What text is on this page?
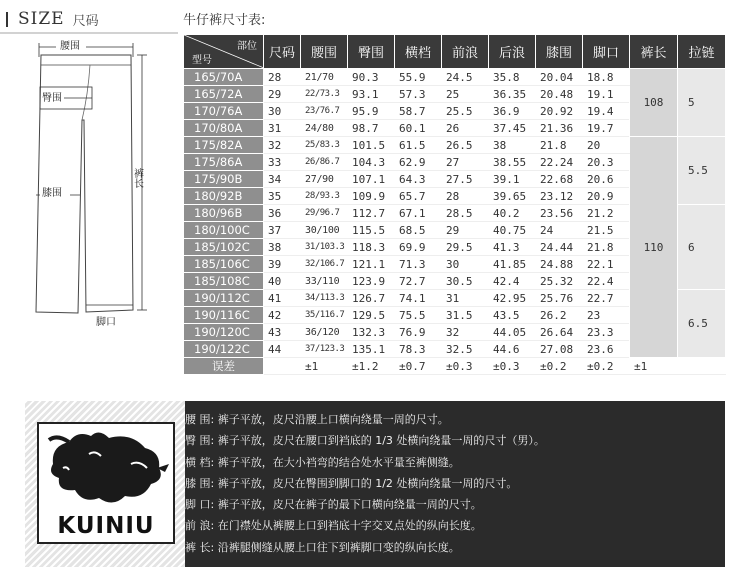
SIZE 尺码	牛仔裤尺寸表:
腰围
臀围
膝围
裤长
脚口
部位
型号	尺码	腰围	臀围	横档	前浪	后浪	膝围	脚口	裤长	拉链
165/70A	28	21/70	90.3	55.9	24.5	35.8	20.04	18.8	108	5
165/72A	29	22/73.3	93.1	57.3	25	36.35	20.48	19.1		
170/76A	30	23/76.7	95.9	58.7	25.5	36.9	20.92	19.4		
170/80A	31	24/80	98.7	60.1	26	37.45	21.36	19.7		
175/82A	32	25/83.3	101.5	61.5	26.5	38	21.8	20	110	5.5
175/86A	33	26/86.7	104.3	62.9	27	38.55	22.24	20.3		
175/90B	34	27/90	107.1	64.3	27.5	39.1	22.68	20.6		
180/92B	35	28/93.3	109.9	65.7	28	39.65	23.12	20.9		
180/96B	36	29/96.7	112.7	67.1	28.5	40.2	23.56	21.2		6
180/100C	37	30/100	115.5	68.5	29	40.75	24	21.5		
185/102C	38	31/103.3	118.3	69.9	29.5	41.3	24.44	21.8		
185/106C	39	32/106.7	121.1	71.3	30	41.85	24.88	22.1		
185/108C	40	33/110	123.9	72.7	30.5	42.4	25.32	22.4		
190/112C	41	34/113.3	126.7	74.1	31	42.95	25.76	22.7		6.5
190/116C	42	35/116.7	129.5	75.5	31.5	43.5	26.2	23		
190/120C	43	36/120	132.3	76.9	32	44.05	26.64	23.3		
190/122C	44	37/123.3	135.1	78.3	32.5	44.6	27.08	23.6		
误差		±1	±1.2	±0.7	±0.3	±0.3	±0.2	±0.2	±1	
KUINIU
腰 围: 裤子平放，皮尺沿腰上口横向绕量一周的尺寸。
臀 围: 裤子平放，皮尺在腰口到裆底的 1/3 处横向绕量一周的尺寸（男）。
横 档: 裤子平放，在大小裆弯的结合处水平量至裤侧缝。
膝 围: 裤子平放，皮尺在臀围到脚口的 1/2 处横向绕量一周的尺寸。
脚 口: 裤子平放，皮尺在裤子的最下口横向绕量一周的尺寸。
前 浪: 在门襟处从裤腰上口到裆底十字交叉点处的纵向长度。
裤 长: 沿裤腿侧缝从腰上口往下到裤脚口变的纵向长度。
